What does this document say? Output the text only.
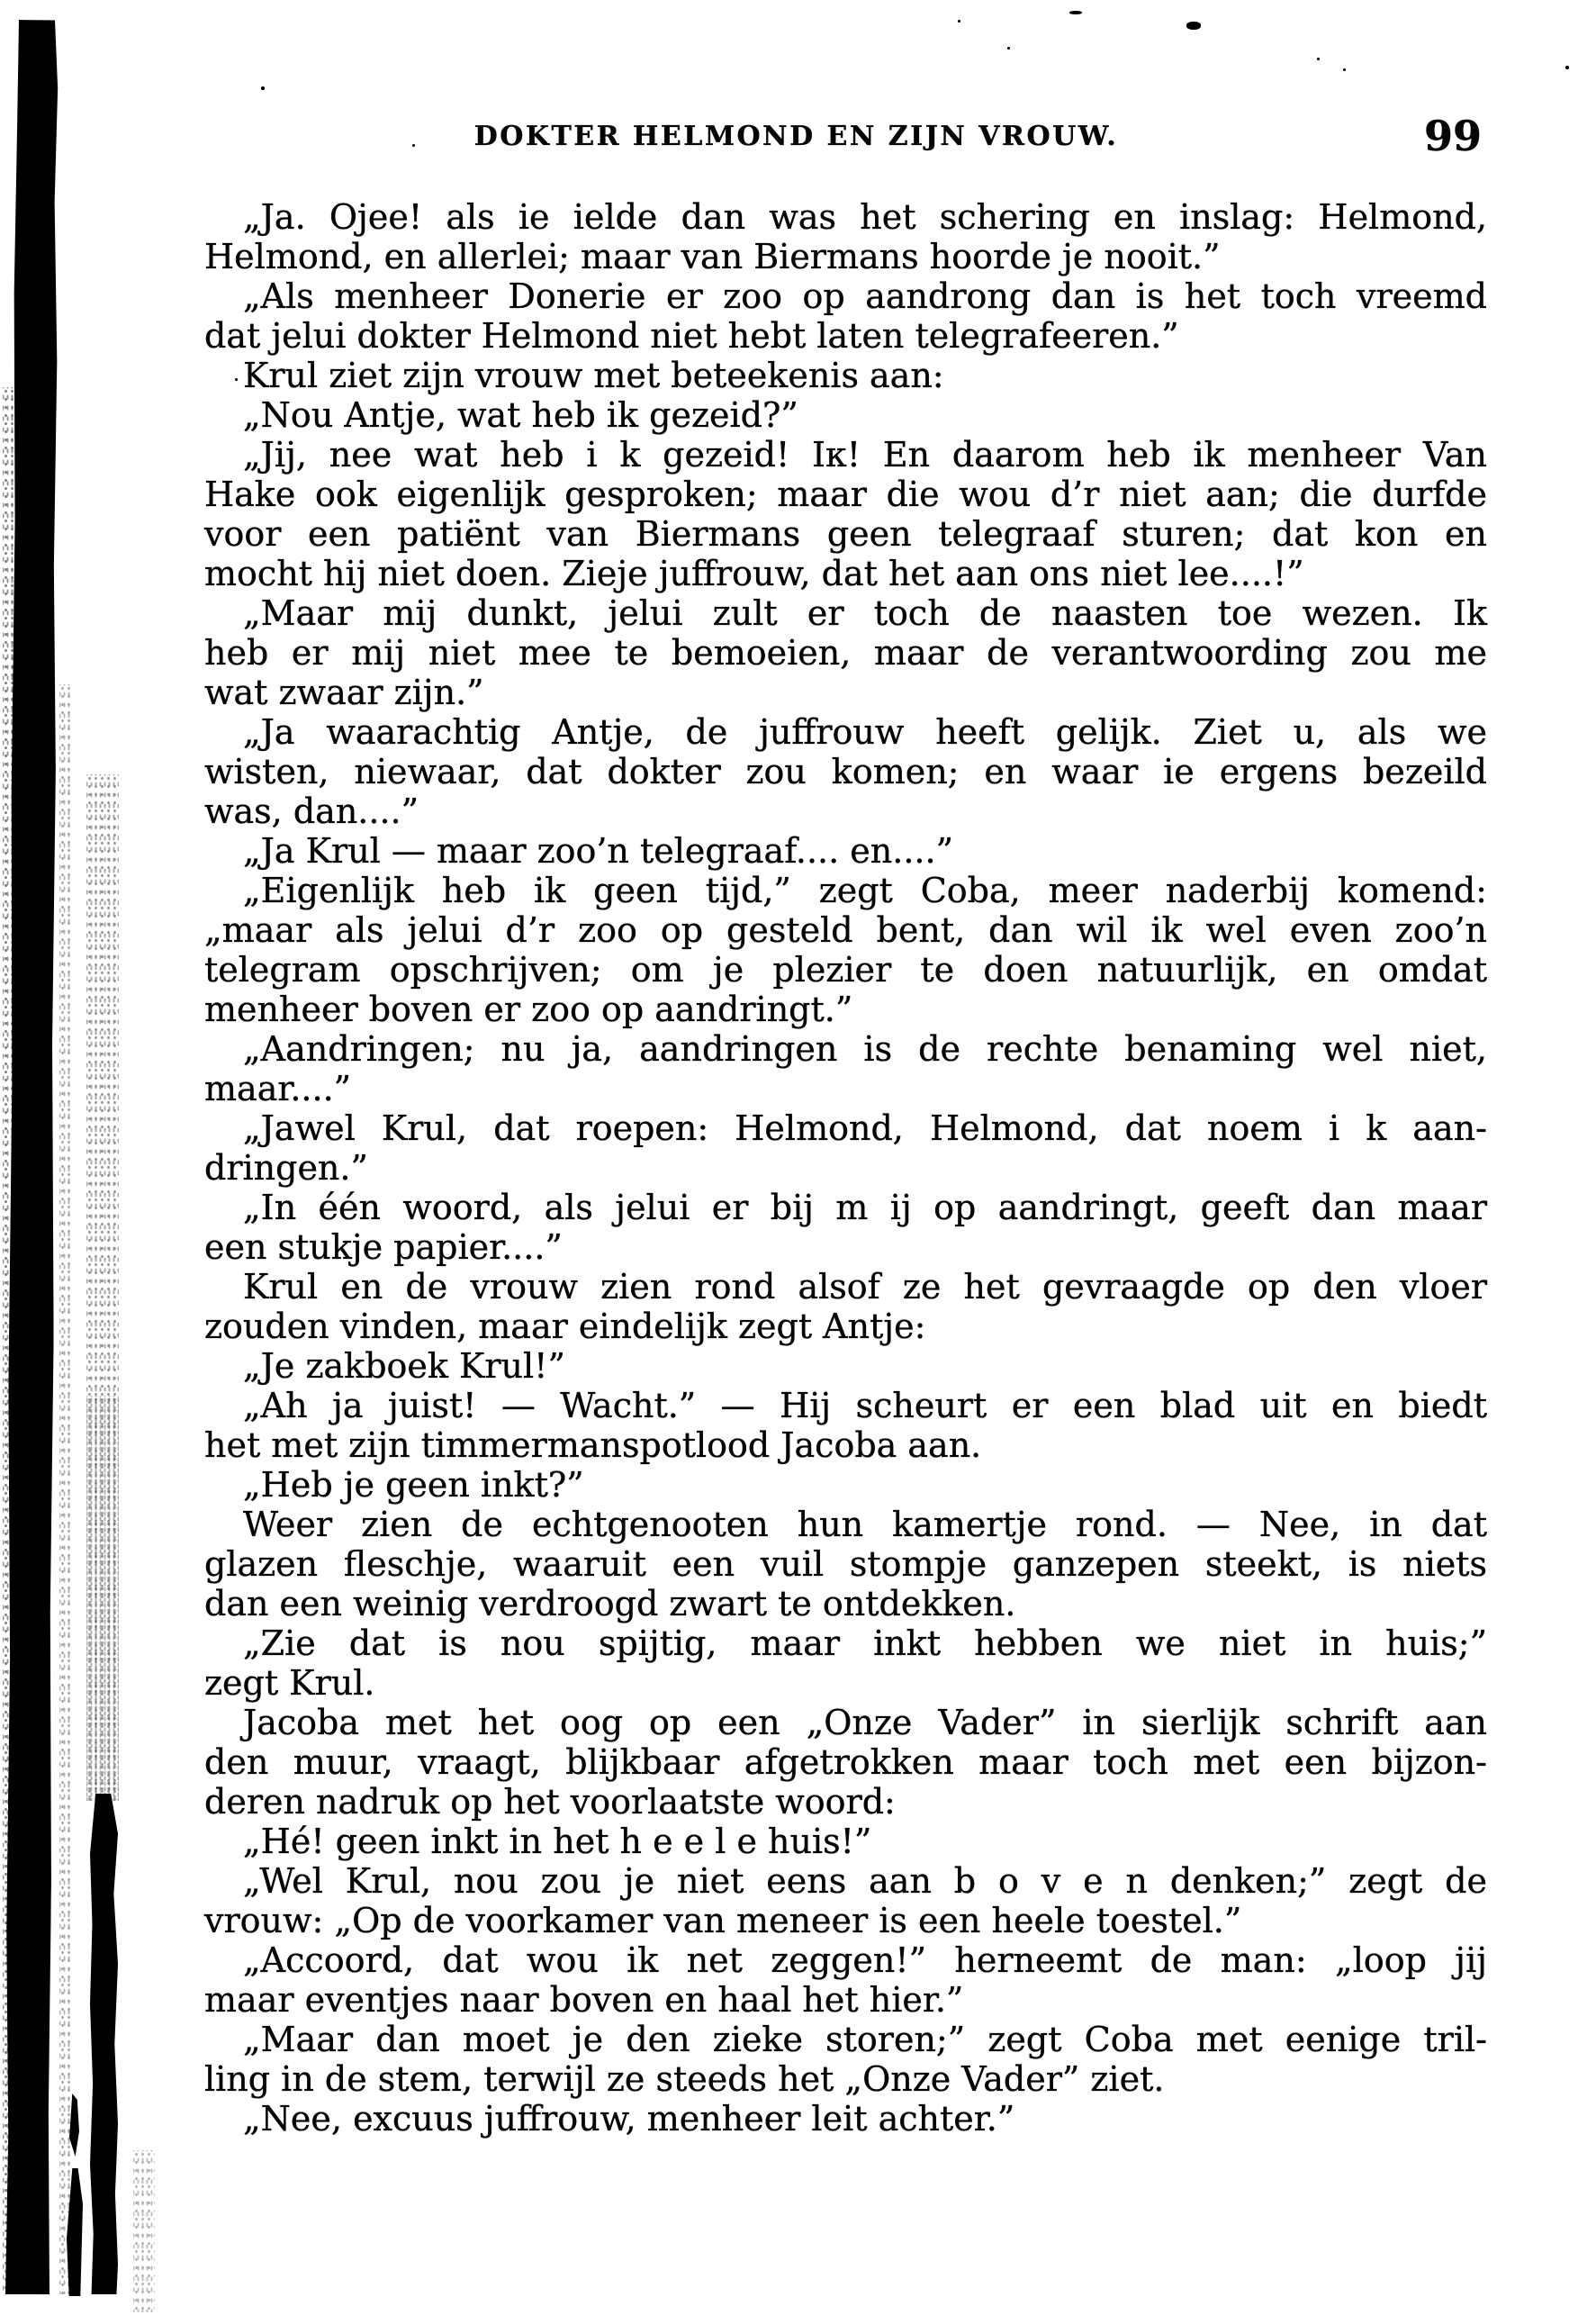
DOKTER HELMOND EN ZIJN VROUW.	99
„Ja. Ojee! als ie ielde dan was het schering en inslag: Helmond,
Helmond, en allerlei; maar van Biermans hoorde je nooit.”
„Als menheer Donerie er zoo op aandrong dan is het toch vreemd
dat jelui dokter Helmond niet hebt laten telegrafeeren.”
Krul ziet zijn vrouw met beteekenis aan:
„Nou Antje, wat heb ik gezeid?”
„Jij, nee wat heb i k gezeid! Iᴋ! En daarom heb ik menheer Van
Hake ook eigenlijk gesproken; maar die wou d’r niet aan; die durfde
voor een patiënt van Biermans geen telegraaf sturen; dat kon en
mocht hij niet doen. Zieje juffrouw, dat het aan ons niet lee....!”
„Maar mij dunkt, jelui zult er toch de naasten toe wezen. Ik
heb er mij niet mee te bemoeien, maar de verantwoording zou me
wat zwaar zijn.”
„Ja waarachtig Antje, de juffrouw heeft gelijk. Ziet u, als we
wisten, niewaar, dat dokter zou komen; en waar ie ergens bezeild
was, dan....”
„Ja Krul — maar zoo’n telegraaf.... en....”
„Eigenlijk heb ik geen tijd,” zegt Coba, meer naderbij komend:
„maar als jelui d’r zoo op gesteld bent, dan wil ik wel even zoo’n
telegram opschrijven; om je plezier te doen natuurlijk, en omdat
menheer boven er zoo op aandringt.”
„Aandringen; nu ja, aandringen is de rechte benaming wel niet,
maar....”
„Jawel Krul, dat roepen: Helmond, Helmond, dat noem i k aan-
dringen.”
„In één woord, als jelui er bij m ij op aandringt, geeft dan maar
een stukje papier....”
Krul en de vrouw zien rond alsof ze het gevraagde op den vloer
zouden vinden, maar eindelijk zegt Antje:
„Je zakboek Krul!”
„Ah ja juist! — Wacht.” — Hij scheurt er een blad uit en biedt
het met zijn timmermanspotlood Jacoba aan.
„Heb je geen inkt?”
Weer zien de echtgenooten hun kamertje rond. — Nee, in dat
glazen fleschje, waaruit een vuil stompje ganzepen steekt, is niets
dan een weinig verdroogd zwart te ontdekken.
„Zie dat is nou spijtig, maar inkt hebben we niet in huis;”
zegt Krul.
Jacoba met het oog op een „Onze Vader” in sierlijk schrift aan
den muur, vraagt, blijkbaar afgetrokken maar toch met een bijzon-
deren nadruk op het voorlaatste woord:
„Hé! geen inkt in het h e e l e huis!”
„Wel Krul, nou zou je niet eens aan b o v e n denken;” zegt de
vrouw: „Op de voorkamer van meneer is een heele toestel.”
„Accoord, dat wou ik net zeggen!” herneemt de man: „loop jij
maar eventjes naar boven en haal het hier.”
„Maar dan moet je den zieke storen;” zegt Coba met eenige tril-
ling in de stem, terwijl ze steeds het „Onze Vader” ziet.
„Nee, excuus juffrouw, menheer leit achter.”
